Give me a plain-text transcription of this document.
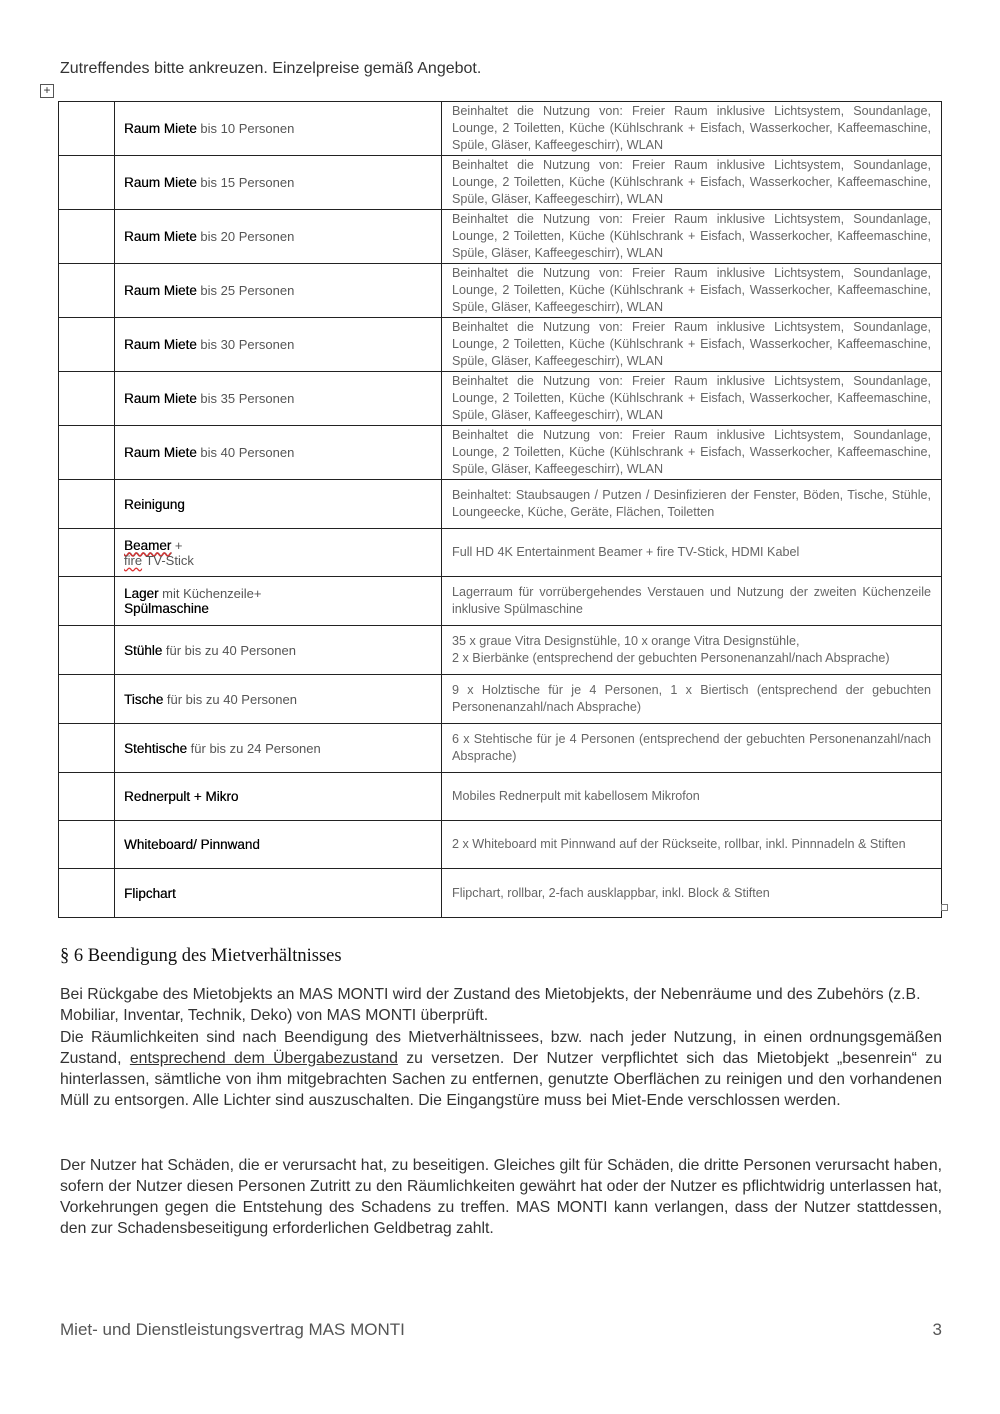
Zutreffendes bitte ankreuzen. Einzelpreise gemäß Angebot.
+
	Raum Miete bis 10 Personen	Beinhaltet die Nutzung von: Freier Raum inklusive Lichtsystem, Soundanlage, Lounge, 2 Toiletten, Küche (Kühlschrank + Eisfach, Wasserkocher, Kaffeemaschine, Spüle, Gläser, Kaffeegeschirr), WLAN
	Raum Miete bis 15 Personen	Beinhaltet die Nutzung von: Freier Raum inklusive Lichtsystem, Soundanlage, Lounge, 2 Toiletten, Küche (Kühlschrank + Eisfach, Wasserkocher, Kaffeemaschine, Spüle, Gläser, Kaffeegeschirr), WLAN
	Raum Miete bis 20 Personen	Beinhaltet die Nutzung von: Freier Raum inklusive Lichtsystem, Soundanlage, Lounge, 2 Toiletten, Küche (Kühlschrank + Eisfach, Wasserkocher, Kaffeemaschine, Spüle, Gläser, Kaffeegeschirr), WLAN
	Raum Miete bis 25 Personen	Beinhaltet die Nutzung von: Freier Raum inklusive Lichtsystem, Soundanlage, Lounge, 2 Toiletten, Küche (Kühlschrank + Eisfach, Wasserkocher, Kaffeemaschine, Spüle, Gläser, Kaffeegeschirr), WLAN
	Raum Miete bis 30 Personen	Beinhaltet die Nutzung von: Freier Raum inklusive Lichtsystem, Soundanlage, Lounge, 2 Toiletten, Küche (Kühlschrank + Eisfach, Wasserkocher, Kaffeemaschine, Spüle, Gläser, Kaffeegeschirr), WLAN
	Raum Miete bis 35 Personen	Beinhaltet die Nutzung von: Freier Raum inklusive Lichtsystem, Soundanlage, Lounge, 2 Toiletten, Küche (Kühlschrank + Eisfach, Wasserkocher, Kaffeemaschine, Spüle, Gläser, Kaffeegeschirr), WLAN
	Raum Miete bis 40 Personen	Beinhaltet die Nutzung von: Freier Raum inklusive Lichtsystem, Soundanlage, Lounge, 2 Toiletten, Küche (Kühlschrank + Eisfach, Wasserkocher, Kaffeemaschine, Spüle, Gläser, Kaffeegeschirr), WLAN
	Reinigung	Beinhaltet: Staubsaugen / Putzen / Desinfizieren der Fenster, Böden, Tische, Stühle, Loungeecke, Küche, Geräte, Flächen, Toiletten
	Beamer +
fire TV-Stick	Full HD 4K Entertainment Beamer + fire TV-Stick, HDMI Kabel
	Lager mit Küchenzeile+
Spülmaschine	Lagerraum für vorrübergehendes Verstauen und Nutzung der zweiten Küchenzeile inklusive Spülmaschine
	Stühle für bis zu 40 Personen	35 x graue Vitra Designstühle, 10 x orange Vitra Designstühle,
2 x Bierbänke (entsprechend der gebuchten Personenanzahl/nach Absprache)
	Tische für bis zu 40 Personen	9 x Holztische für je 4 Personen, 1 x Biertisch (entsprechend der gebuchten Personenanzahl/nach Absprache)
	Stehtische für bis zu 24 Personen	6 x Stehtische für je 4 Personen (entsprechend der gebuchten Personenanzahl/nach Absprache)
	Rednerpult + Mikro	Mobiles Rednerpult mit kabellosem Mikrofon
	Whiteboard/ Pinnwand	2 x Whiteboard mit Pinnwand auf der Rückseite, rollbar, inkl. Pinnnadeln & Stiften
	Flipchart	Flipchart, rollbar, 2-fach ausklappbar, inkl. Block & Stiften
§ 6 Beendigung des Mietverhältnisses

Bei Rückgabe des Mietobjekts an MAS MONTI wird der Zustand des Mietobjekts, der Nebenräume und des Zubehörs (z.B. Mobiliar, Inventar, Technik, Deko) von MAS MONTI überprüft.

Die Räumlichkeiten sind nach Beendigung des Mietverhältnissees, bzw. nach jeder Nutzung, in einen ordnungsgemäßen Zustand, entsprechend dem Übergabezustand zu versetzen. Der Nutzer verpflichtet sich das Mietobjekt „besenrein“ zu hinterlassen, sämtliche von ihm mitgebrachten Sachen zu entfernen, genutzte Oberflächen zu reinigen und den vorhandenen Müll zu entsorgen. Alle Lichter sind auszuschalten. Die Eingangstüre muss bei Miet-Ende verschlossen werden.

Der Nutzer hat Schäden, die er verursacht hat, zu beseitigen. Gleiches gilt für Schäden, die dritte Personen verursacht haben, sofern der Nutzer diesen Personen Zutritt zu den Räumlichkeiten gewährt hat oder der Nutzer es pflichtwidrig unterlassen hat, Vorkehrungen gegen die Entstehung des Schadens zu treffen. MAS MONTI kann verlangen, dass der Nutzer stattdessen, den zur Schadensbeseitigung erforderlichen Geldbetrag zahlt.

Miet- und Dienstleistungsvertrag MAS MONTI	3
